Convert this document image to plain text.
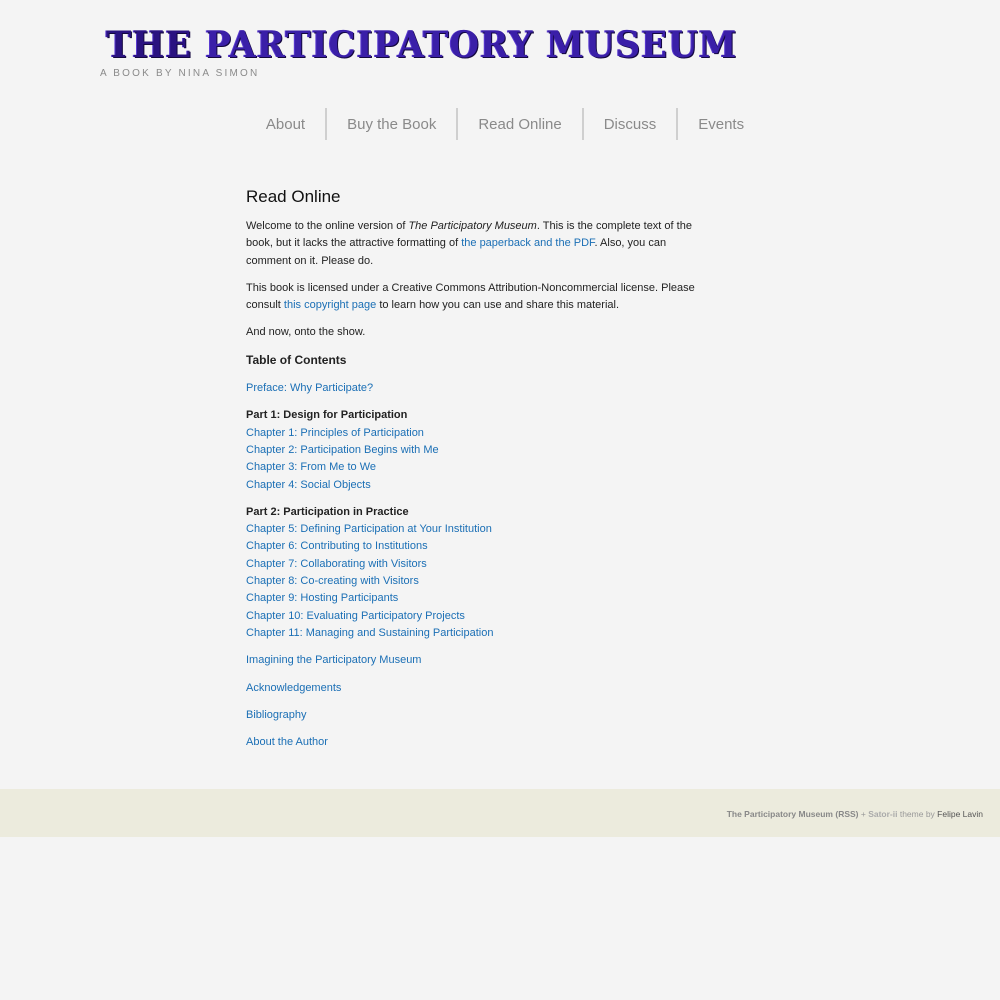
THE PARTICIPATORY MUSEUM
A BOOK BY NINA SIMON
About	Buy the Book	Read Online	Discuss	Events
Read Online

Welcome to the online version of The Participatory Museum. This is the complete text of the book, but it lacks the attractive formatting of the paperback and the PDF. Also, you can comment on it. Please do.

This book is licensed under a Creative Commons Attribution-Noncommercial license. Please consult this copyright page to learn how you can use and share this material.

And now, onto the show.

Table of Contents
Preface: Why Participate?
Part 1: Design for Participation
Chapter 1: Principles of Participation
Chapter 2: Participation Begins with Me
Chapter 3: From Me to We
Chapter 4: Social Objects
Part 2: Participation in Practice
Chapter 5: Defining Participation at Your Institution
Chapter 6: Contributing to Institutions
Chapter 7: Collaborating with Visitors
Chapter 8: Co-creating with Visitors
Chapter 9: Hosting Participants
Chapter 10: Evaluating Participatory Projects
Chapter 11: Managing and Sustaining Participation
Imagining the Participatory Museum
Acknowledgements
Bibliography
About the Author
The Participatory Museum (RSS) + Sator-ii theme by Felipe Lavin
